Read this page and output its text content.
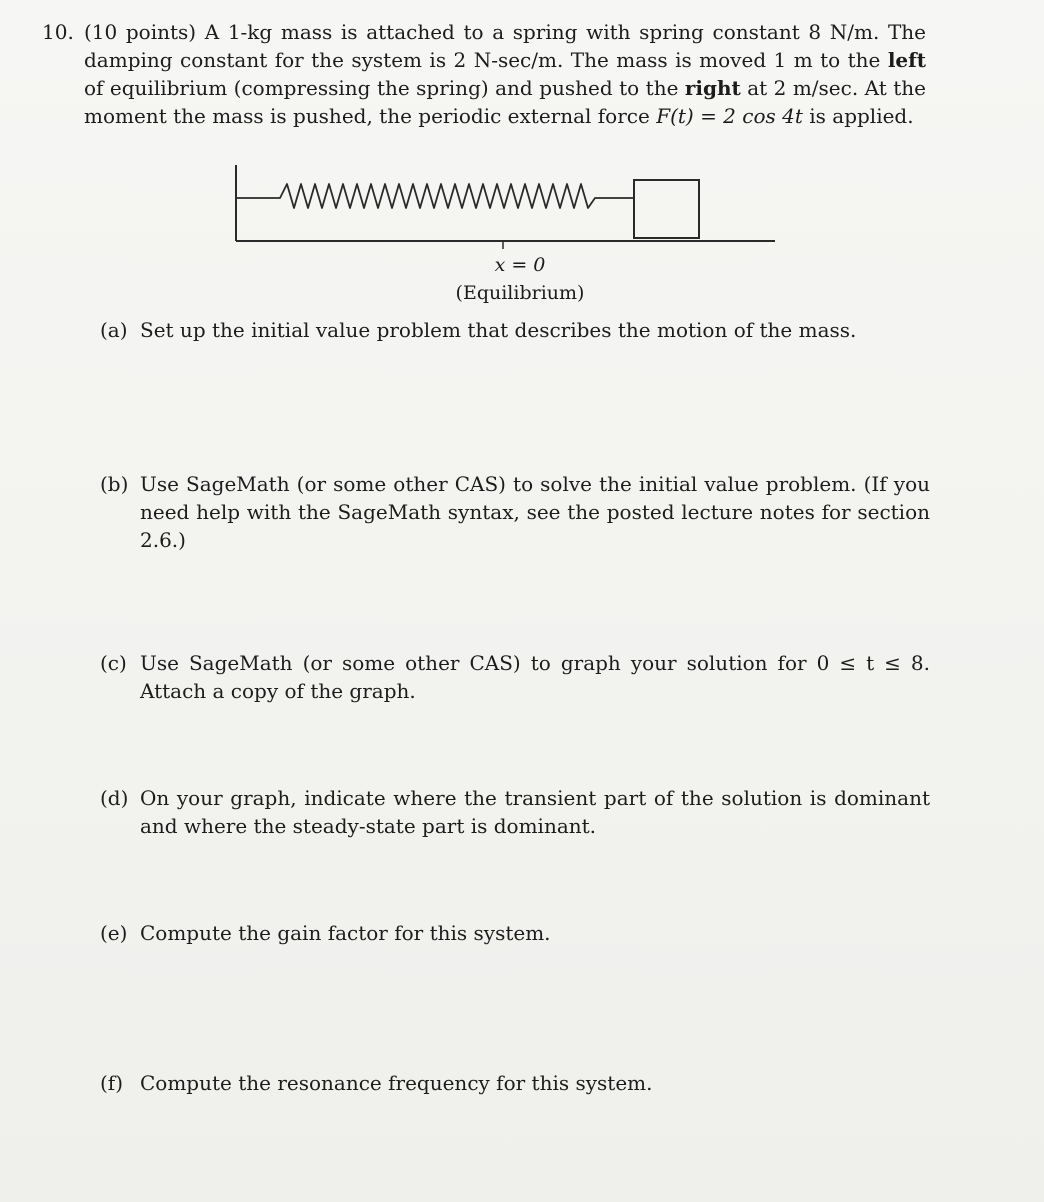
10. (10 points) A 1-kg mass is attached to a spring with spring constant 8 N/m. The damping constant for the system is 2 N-sec/m. The mass is moved 1 m to the left of equilibrium (compressing the spring) and pushed to the right at 2 m/sec. At the moment the mass is pushed, the periodic external force F(t) = 2 cos 4t is applied.
x = 0
(Equilibrium)
(a) Set up the initial value problem that describes the motion of the mass.
(b) Use SageMath (or some other CAS) to solve the initial value problem. (If you need help with the SageMath syntax, see the posted lecture notes for section 2.6.)
(c) Use SageMath (or some other CAS) to graph your solution for 0 ≤ t ≤ 8. Attach a copy of the graph.
(d) On your graph, indicate where the transient part of the solution is dominant and where the steady-state part is dominant.
(e) Compute the gain factor for this system.
(f) Compute the resonance frequency for this system.
